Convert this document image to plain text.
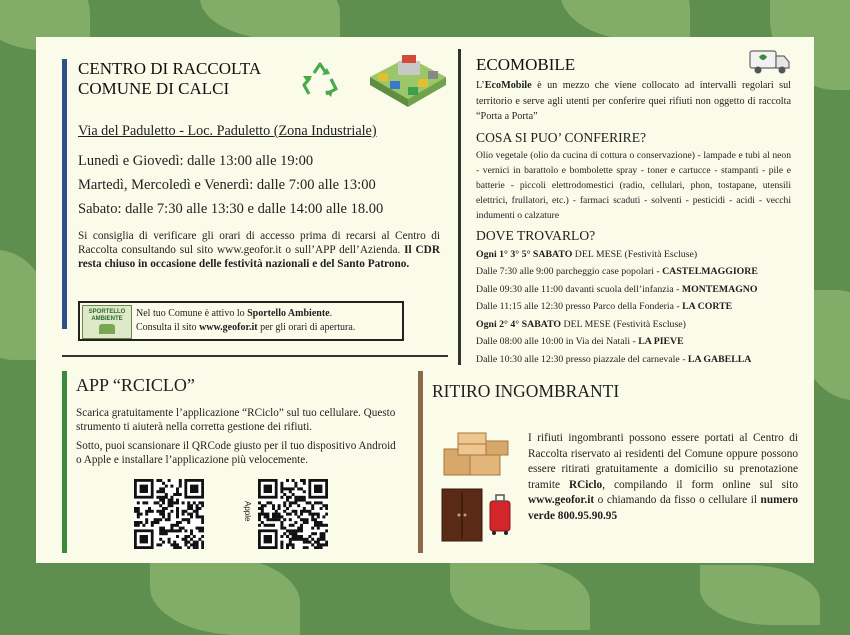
CENTRO DI RACCOLTA
COMUNE DI CALCI
Via del Paduletto - Loc. Paduletto (Zona Industriale)
Lunedì e Giovedì: dalle 13:00 alle 19:00
Martedì, Mercoledì e Venerdì: dalle 7:00 alle 13:00
Sabato: dalle 7:30 alle 13:30 e dalle 14:00 alle 18.00

Si consiglia di verificare gli orari di accesso prima di recarsi al Centro di Raccolta consultando sul sito www.geofor.it o sull’APP dell’Azienda. Il CDR resta chiuso in occasione delle festività nazionali e del Santo Patrono.

SPORTELLO
AMBIENTE	Nel tuo Comune è attivo lo Sportello Ambiente.
Consulta il sito www.geofor.it per gli orari di apertura.
ECOMOBILE

L’EcoMobile è un mezzo che viene collocato ad intervalli regolari sul territorio e serve agli utenti per conferire quei rifiuti non oggetto di raccolta “Porta a Porta”

COSA SI PUO’ CONFERIRE?

Olio vegetale (olio da cucina di cottura o conservazione) - lampade e tubi al neon - vernici in barattolo e bombolette spray - toner e cartucce - stampanti - pile e batterie - piccoli elettrodomestici (radio, cellulari, phon, tostapane, utensili elettrici, frullatori, etc.) - farmaci scaduti - solventi - pesticidi - acidi - vecchi indumenti o calzature

DOVE TROVARLO?
Ogni 1° 3° 5° SABATO DEL MESE (Festività Escluse)
Dalle 7:30 alle 9:00 parcheggio case popolari - CASTELMAGGIORE
Dalle 09:30 alle 11:00 davanti scuola dell’infanzia - MONTEMAGNO
Dalle 11:15 alle 12:30 presso Parco della Fonderia - LA CORTE
Ogni 2° 4° SABATO DEL MESE (Festività Escluse)
Dalle 08:00 alle 10:00 in Via dei Natali - LA PIEVE
Dalle 10:30 alle 12:30 presso piazzale del carnevale - LA GABELLA
APP “RCICLO”

Scarica gratuitamente l’applicazione “RCiclo” sul tuo cellulare. Questo strumento ti aiuterà nella corretta gestione dei rifiuti.

Sotto, puoi scansionare il QRCode giusto per il tuo dispositivo Android o Apple e installare l’applicazione più velocemente.

Apple
RITIRO INGOMBRANTI

I rifiuti ingombranti possono essere portati al Centro di Raccolta riservato ai residenti del Comune oppure possono essere ritirati gratuitamente a domicilio su prenotazione tramite RCiclo, compilando il form online sul sito www.geofor.it o chiamando da fisso o cellulare il numero verde 800.95.90.95
